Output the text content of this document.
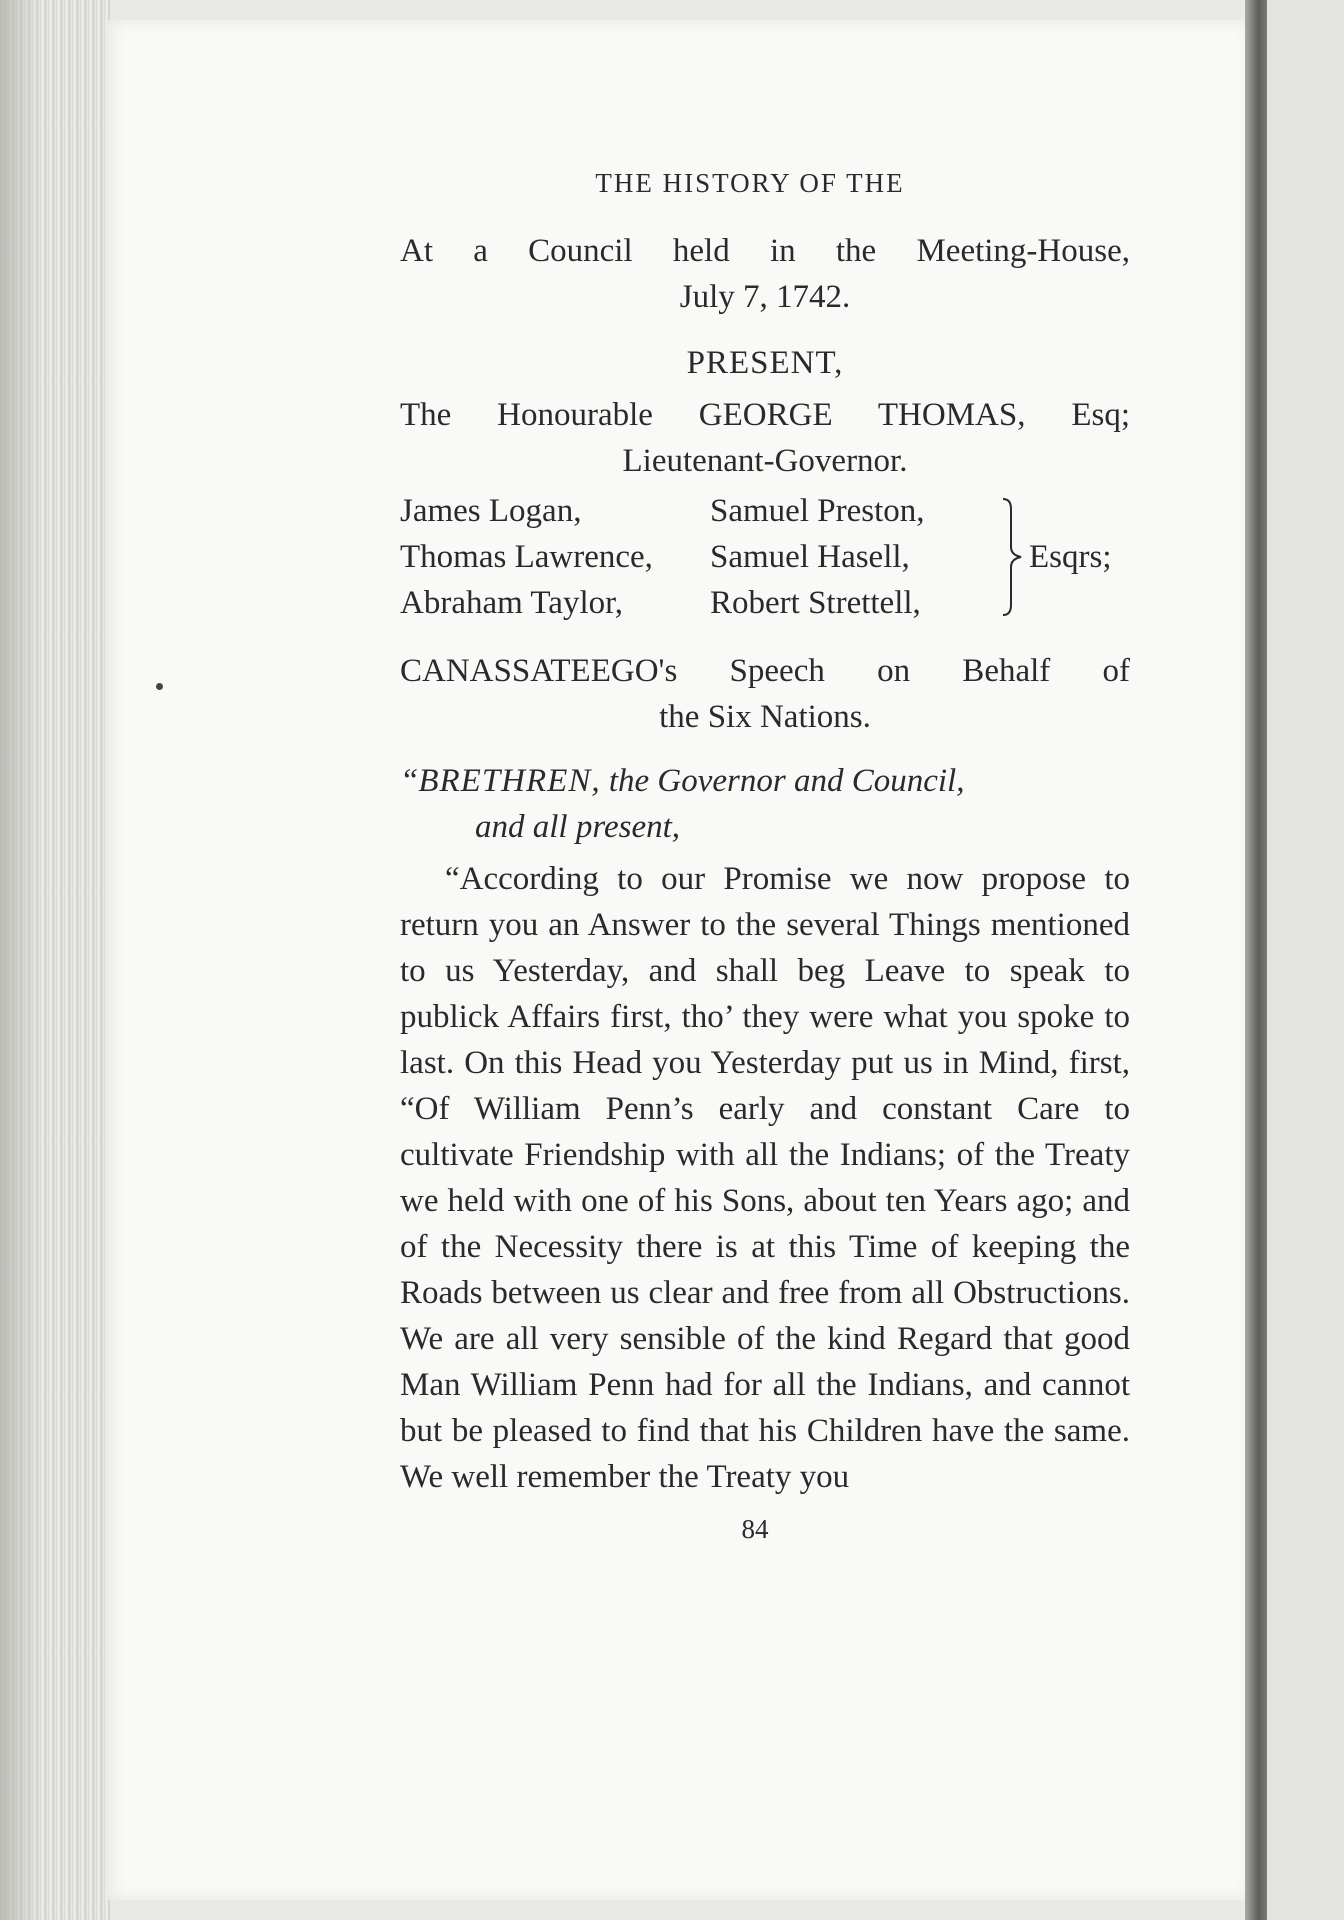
THE HISTORY OF THE
At a Council held in the Meeting-House,
July 7, 1742.
PRESENT,
The Honourable GEORGE THOMAS, Esq;
Lieutenant-Governor.
James Logan,
Thomas Lawrence,
Abraham Taylor,
Samuel Preston,
Samuel Hasell,
Robert Strettell,
Esqrs;
CANASSATEEGO's Speech on Behalf of
the Six Nations.
“BRETHREN, the Governor and Council,
and all present,

“According to our Promise we now propose to return you an Answer to the several Things mentioned to us Yesterday, and shall beg Leave to speak to publick Affairs first, tho’ they were what you spoke to last. On this Head you Yesterday put us in Mind, first, “Of William Penn’s early and constant Care to cultivate Friendship with all the Indians; of the Treaty we held with one of his Sons, about ten Years ago; and of the Necessity there is at this Time of keeping the Roads between us clear and free from all Obstructions. We are all very sensible of the kind Regard that good Man William Penn had for all the Indians, and cannot but be pleased to find that his Children have the same. We well remember the Treaty you

84
